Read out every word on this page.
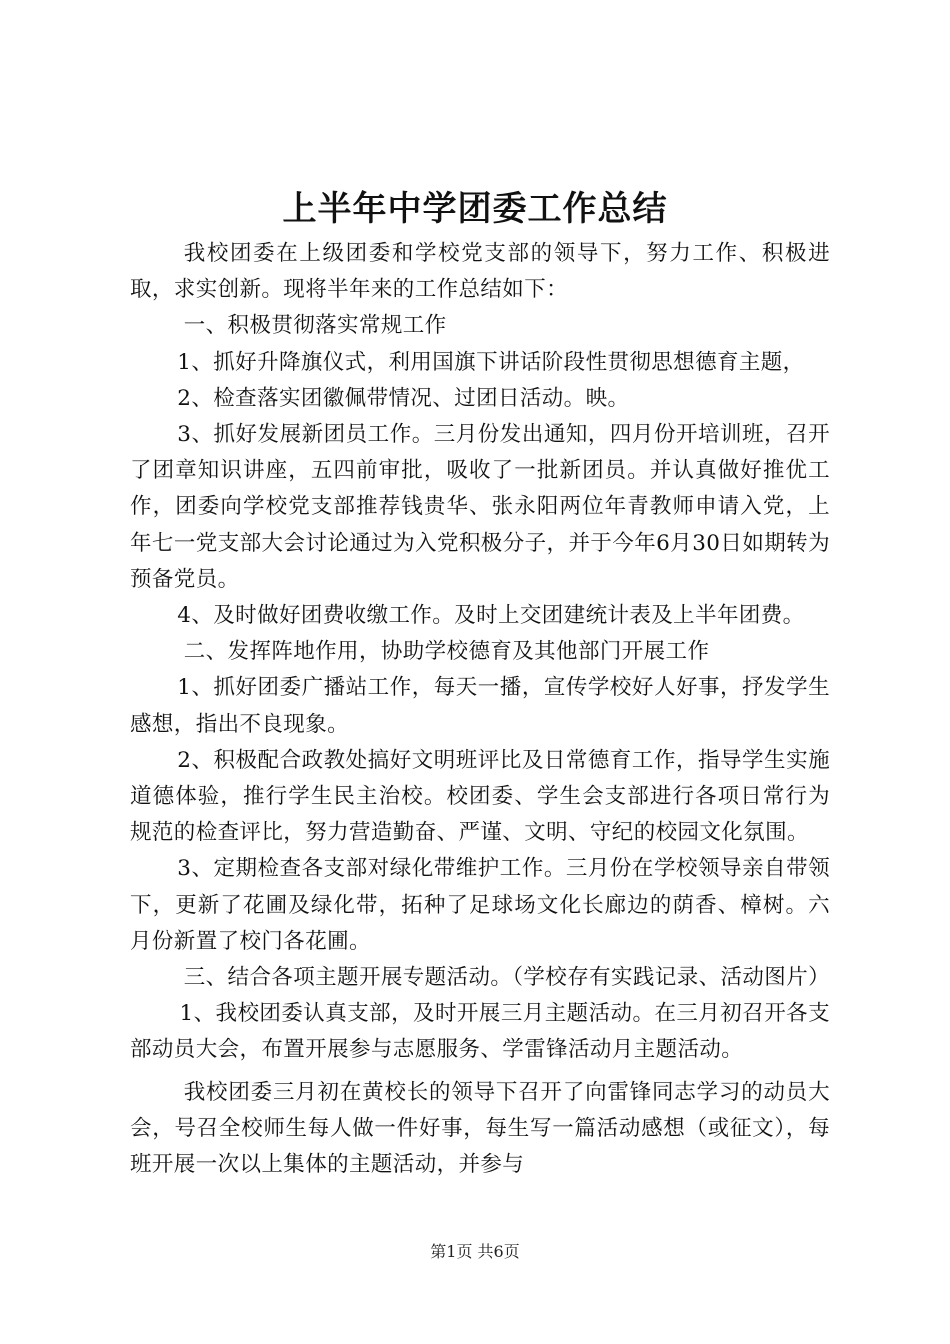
上半年中学团委工作总结

我校团委在上级团委和学校党支部的领导下，努力工作、积极进取，求实创新。现将半年来的工作总结如下：

一、积极贯彻落实常规工作

1、抓好升降旗仪式，利用国旗下讲话阶段性贯彻思想德育主题，

2、检查落实团徽佩带情况、过团日活动。映。

3、抓好发展新团员工作。三月份发出通知，四月份开培训班，召开了团章知识讲座，五四前审批，吸收了一批新团员。并认真做好推优工作，团委向学校党支部推荐钱贵华、张永阳两位年青教师申请入党，上年七一党支部大会讨论通过为入党积极分子，并于今年6月30日如期转为预备党员。

4、及时做好团费收缴工作。及时上交团建统计表及上半年团费。

二、发挥阵地作用，协助学校德育及其他部门开展工作

1、抓好团委广播站工作，每天一播，宣传学校好人好事，抒发学生感想，指出不良现象。

2、积极配合政教处搞好文明班评比及日常德育工作，指导学生实施道德体验，推行学生民主治校。校团委、学生会支部进行各项日常行为规范的检查评比，努力营造勤奋、严谨、文明、守纪的校园文化氛围。

3、定期检查各支部对绿化带维护工作。三月份在学校领导亲自带领下，更新了花圃及绿化带，拓种了足球场文化长廊边的荫香、樟树。六月份新置了校门各花圃。

三、结合各项主题开展专题活动。（学校存有实践记录、活动图片）

1、我校团委认真支部，及时开展三月主题活动。在三月初召开各支部动员大会，布置开展参与志愿服务、学雷锋活动月主题活动。

我校团委三月初在黄校长的领导下召开了向雷锋同志学习的动员大会，号召全校师生每人做一件好事，每生写一篇活动感想（或征文），每班开展一次以上集体的主题活动，并参与

第1页 共6页
